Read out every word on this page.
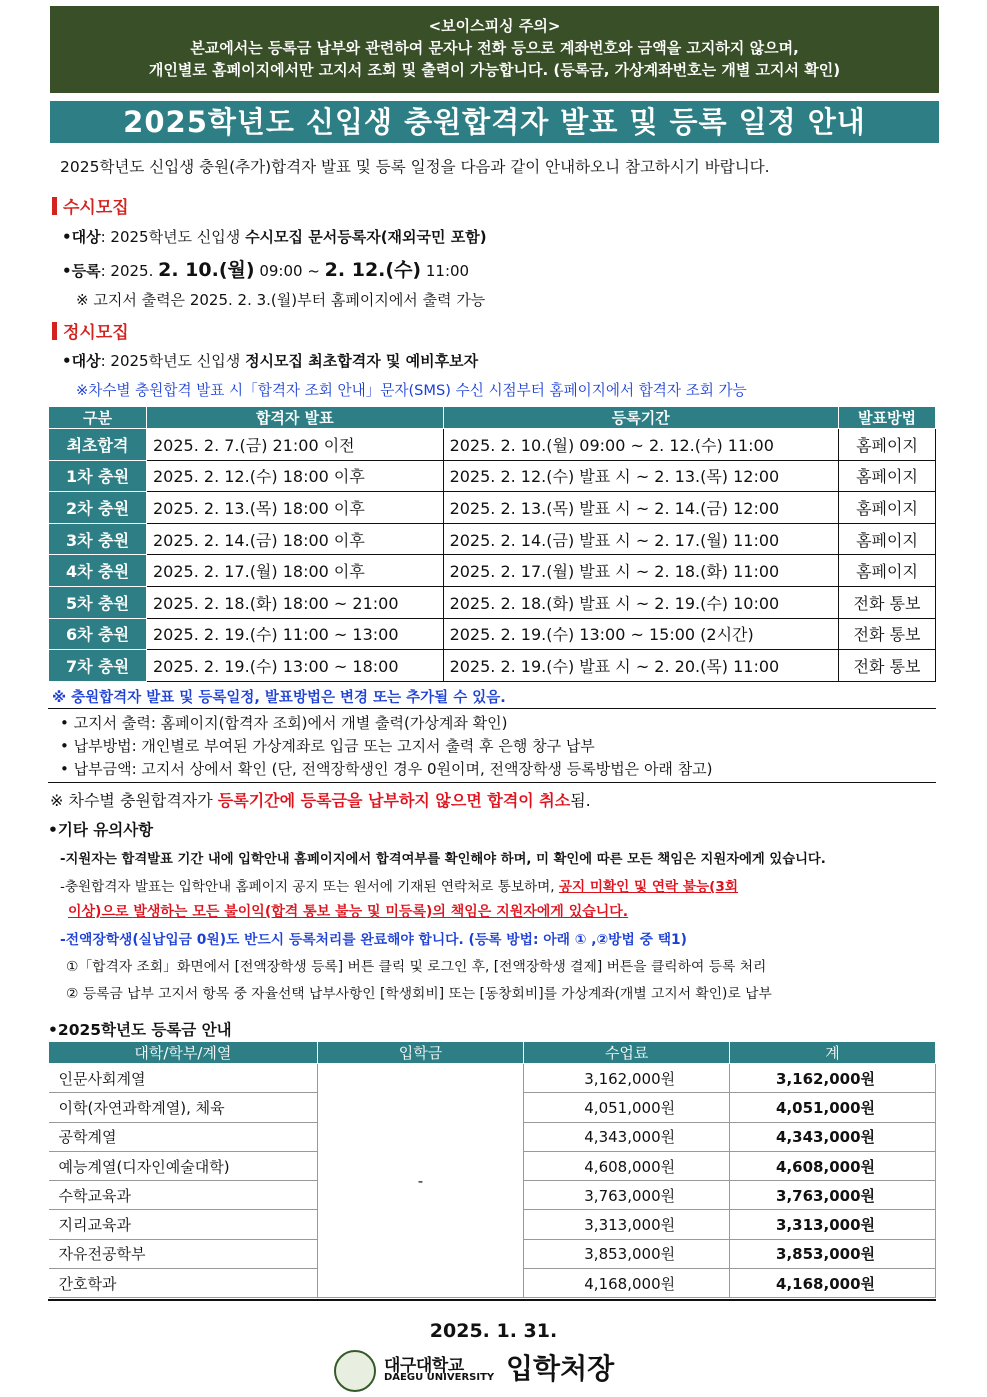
<보이스피싱 주의>
본교에서는 등록금 납부와 관련하여 문자나 전화 등으로 계좌번호와 금액을 고지하지 않으며,
개인별로 홈페이지에서만 고지서 조회 및 출력이 가능합니다. (등록금, 가상계좌번호는 개별 고지서 확인)
2025학년도 신입생 충원합격자 발표 및 등록 일정 안내
2025학년도 신입생 충원(추가)합격자 발표 및 등록 일정을 다음과 같이 안내하오니 참고하시기 바랍니다.
수시모집
•대상: 2025학년도 신입생 수시모집 문서등록자(재외국민 포함)
•등록: 2025. 2. 10.(월) 09:00 ~ 2. 12.(수) 11:00
※ 고지서 출력은 2025. 2. 3.(월)부터 홈페이지에서 출력 가능
정시모집
•대상: 2025학년도 신입생 정시모집 최초합격자 및 예비후보자
※차수별 충원합격 발표 시「합격자 조회 안내」문자(SMS) 수신 시점부터 홈페이지에서 합격자 조회 가능
구분	합격자 발표	등록기간	발표방법
최초합격	2025. 2. 7.(금) 21:00 이전	2025. 2. 10.(월) 09:00 ~ 2. 12.(수) 11:00	홈페이지
1차 충원	2025. 2. 12.(수) 18:00 이후	2025. 2. 12.(수) 발표 시 ~ 2. 13.(목) 12:00	홈페이지
2차 충원	2025. 2. 13.(목) 18:00 이후	2025. 2. 13.(목) 발표 시 ~ 2. 14.(금) 12:00	홈페이지
3차 충원	2025. 2. 14.(금) 18:00 이후	2025. 2. 14.(금) 발표 시 ~ 2. 17.(월) 11:00	홈페이지
4차 충원	2025. 2. 17.(월) 18:00 이후	2025. 2. 17.(월) 발표 시 ~ 2. 18.(화) 11:00	홈페이지
5차 충원	2025. 2. 18.(화) 18:00 ~ 21:00	2025. 2. 18.(화) 발표 시 ~ 2. 19.(수) 10:00	전화 통보
6차 충원	2025. 2. 19.(수) 11:00 ~ 13:00	2025. 2. 19.(수) 13:00 ~ 15:00 (2시간)	전화 통보
7차 충원	2025. 2. 19.(수) 13:00 ~ 18:00	2025. 2. 19.(수) 발표 시 ~ 2. 20.(목) 11:00	전화 통보
※ 충원합격자 발표 및 등록일정, 발표방법은 변경 또는 추가될 수 있음.
• 고지서 출력: 홈페이지(합격자 조회)에서 개별 출력(가상계좌 확인)
• 납부방법: 개인별로 부여된 가상계좌로 입금 또는 고지서 출력 후 은행 창구 납부
• 납부금액: 고지서 상에서 확인 (단, 전액장학생인 경우 0원이며, 전액장학생 등록방법은 아래 참고)
※ 차수별 충원합격자가 등록기간에 등록금을 납부하지 않으면 합격이 취소됨.
•기타 유의사항
-지원자는 합격발표 기간 내에 입학안내 홈페이지에서 합격여부를 확인해야 하며, 미 확인에 따른 모든 책임은 지원자에게 있습니다.
-충원합격자 발표는 입학안내 홈페이지 공지 또는 원서에 기재된 연락처로 통보하며, 공지 미확인 및 연락 불능(3회
이상)으로 발생하는 모든 불이익(합격 통보 불능 및 미등록)의 책임은 지원자에게 있습니다.
-전액장학생(실납입금 0원)도 반드시 등록처리를 완료해야 합니다. (등록 방법: 아래 ① ,②방법 중 택1)
①「합격자 조회」화면에서 [전액장학생 등록] 버튼 클릭 및 로그인 후, [전액장학생 결제] 버튼을 클릭하여 등록 처리
② 등록금 납부 고지서 항목 중 자율선택 납부사항인 [학생회비] 또는 [동창회비]를 가상계좌(개별 고지서 확인)로 납부
•2025학년도 등록금 안내
대학/학부/계열	입학금	수업료	계
인문사회계열	-	3,162,000원	3,162,000원
이학(자연과학계열), 체육		4,051,000원	4,051,000원
공학계열		4,343,000원	4,343,000원
예능계열(디자인예술대학)		4,608,000원	4,608,000원
수학교육과		3,763,000원	3,763,000원
지리교육과		3,313,000원	3,313,000원
자유전공학부		3,853,000원	3,853,000원
간호학과		4,168,000원	4,168,000원
2025. 1. 31.
대구대학교
DAEGU UNIVERSITY 입학처장
